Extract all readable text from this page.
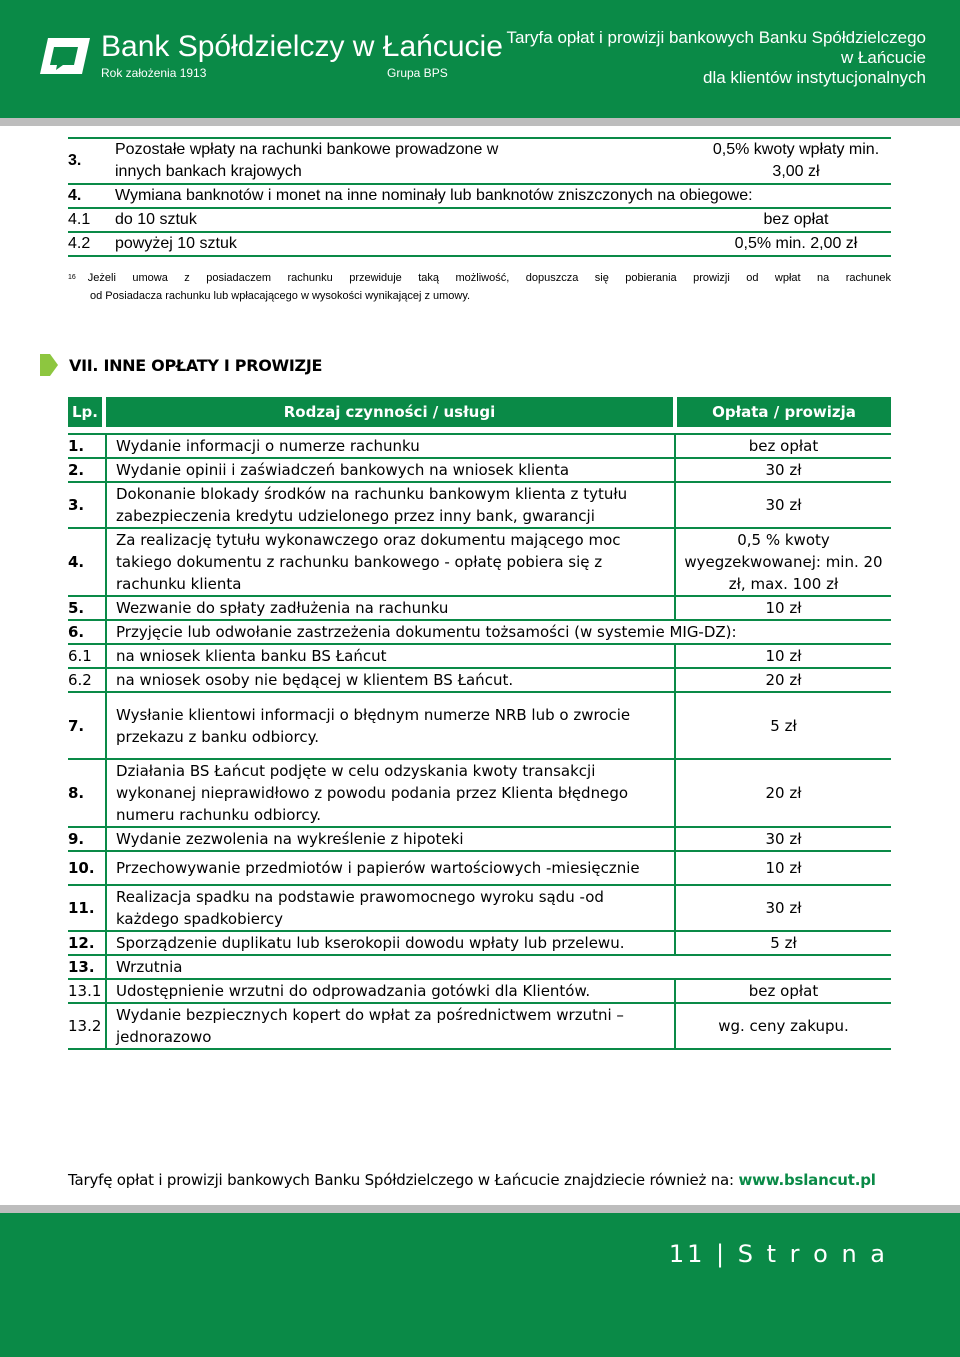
Bank Spółdzielczy w Łańcucie
Rok założenia 1913	Grupa BPS
Taryfa opłat i prowizji bankowych Banku Spółdzielczego
w Łańcucie
dla klientów instytucjonalnych
3.	Pozostałe wpłaty na rachunki bankowe prowadzone w innych bankach krajowych	0,5% kwoty wpłaty min. 3,00 zł
4.	Wymiana banknotów i monet na inne nominały lub banknotów zniszczonych na obiegowe:	
4.1	do 10 sztuk	bez opłat
4.2	powyżej 10 sztuk	0,5% min. 2,00 zł
$^{16}$ Jeżeli umowa z posiadaczem rachunku przewiduje taką możliwość, dopuszcza się pobierania prowizji od wpłat na rachunek
od Posiadacza rachunku lub wpłacającego w wysokości wynikającej z umowy.
VII. INNE OPŁATY I PROWIZJE
Lp.	Rodzaj czynności / usługi	Opłata / prowizja
1.	Wydanie informacji o numerze rachunku	bez opłat
2.	Wydanie opinii i zaświadczeń bankowych na wniosek klienta	30 zł
3.	Dokonanie blokady środków na rachunku bankowym klienta z tytułu zabezpieczenia kredytu udzielonego przez inny bank, gwarancji	30 zł
4.	Za realizację tytułu wykonawczego oraz dokumentu mającego moc takiego dokumentu z rachunku bankowego - opłatę pobiera się z rachunku klienta	0,5 % kwoty wyegzekwowanej: min. 20 zł, max. 100 zł
5.	Wezwanie do spłaty zadłużenia na rachunku	10 zł
6.	Przyjęcie lub odwołanie zastrzeżenia dokumentu tożsamości (w systemie MIG-DZ):	
6.1	na wniosek klienta banku BS Łańcut	10 zł
6.2	na wniosek osoby nie będącej w klientem BS Łańcut.	20 zł
7.	Wysłanie klientowi informacji o błędnym numerze NRB lub o zwrocie przekazu z banku odbiorcy.	5 zł
8.	Działania BS Łańcut podjęte w celu odzyskania kwoty transakcji wykonanej nieprawidłowo z powodu podania przez Klienta błędnego numeru rachunku odbiorcy.	20 zł
9.	Wydanie zezwolenia na wykreślenie z hipoteki	30 zł
10.	Przechowywanie przedmiotów i papierów wartościowych -miesięcznie	10 zł
11.	Realizacja spadku na podstawie prawomocnego wyroku sądu -od każdego spadkobiercy	30 zł
12.	Sporządzenie duplikatu lub kserokopii dowodu wpłaty lub przelewu.	5 zł
13.	Wrzutnia	
13.1	Udostępnienie wrzutni do odprowadzania gotówki dla Klientów.	bez opłat
13.2	Wydanie bezpiecznych kopert do wpłat za pośrednictwem wrzutni – jednorazowo	wg. ceny zakupu.
Taryfę opłat i prowizji bankowych Banku Spółdzielczego w Łańcucie znajdziecie również na: www.bslancut.pl
11 | S t r o n a
